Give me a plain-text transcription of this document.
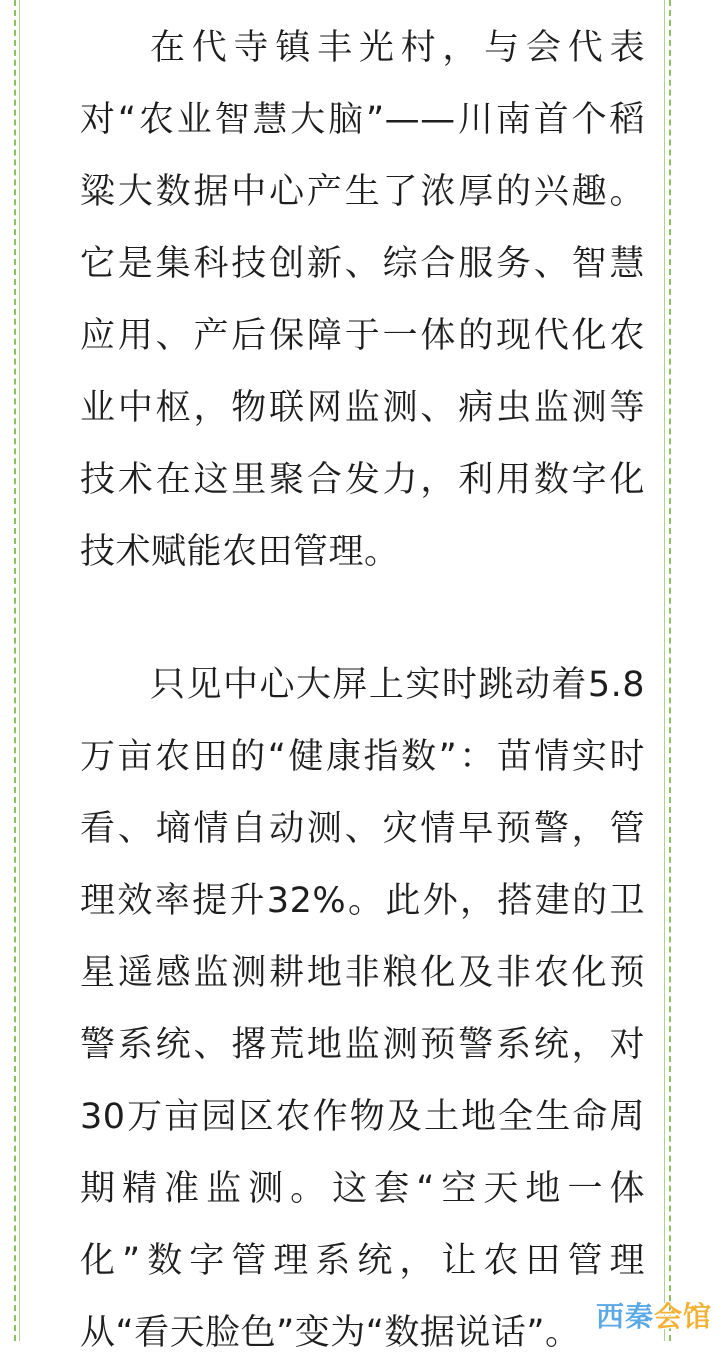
在代寺镇丰光村，与会代表对“农业智慧大脑”——川南首个稻粱大数据中心产生了浓厚的兴趣。它是集科技创新、综合服务、智慧应用、产后保障于一体的现代化农业中枢，物联网监测、病虫监测等技术在这里聚合发力，利用数字化技术赋能农田管理。

只见中心大屏上实时跳动着5.8万亩农田的“健康指数”：苗情实时看、墒情自动测、灾情早预警，管理效率提升32%。此外，搭建的卫星遥感监测耕地非粮化及非农化预警系统、撂荒地监测预警系统，对30万亩园区农作物及土地全生命周期精准监测。这套“空天地一体化”数字管理系统，让农田管理从“看天脸色”变为“数据说话”。 西秦会馆
